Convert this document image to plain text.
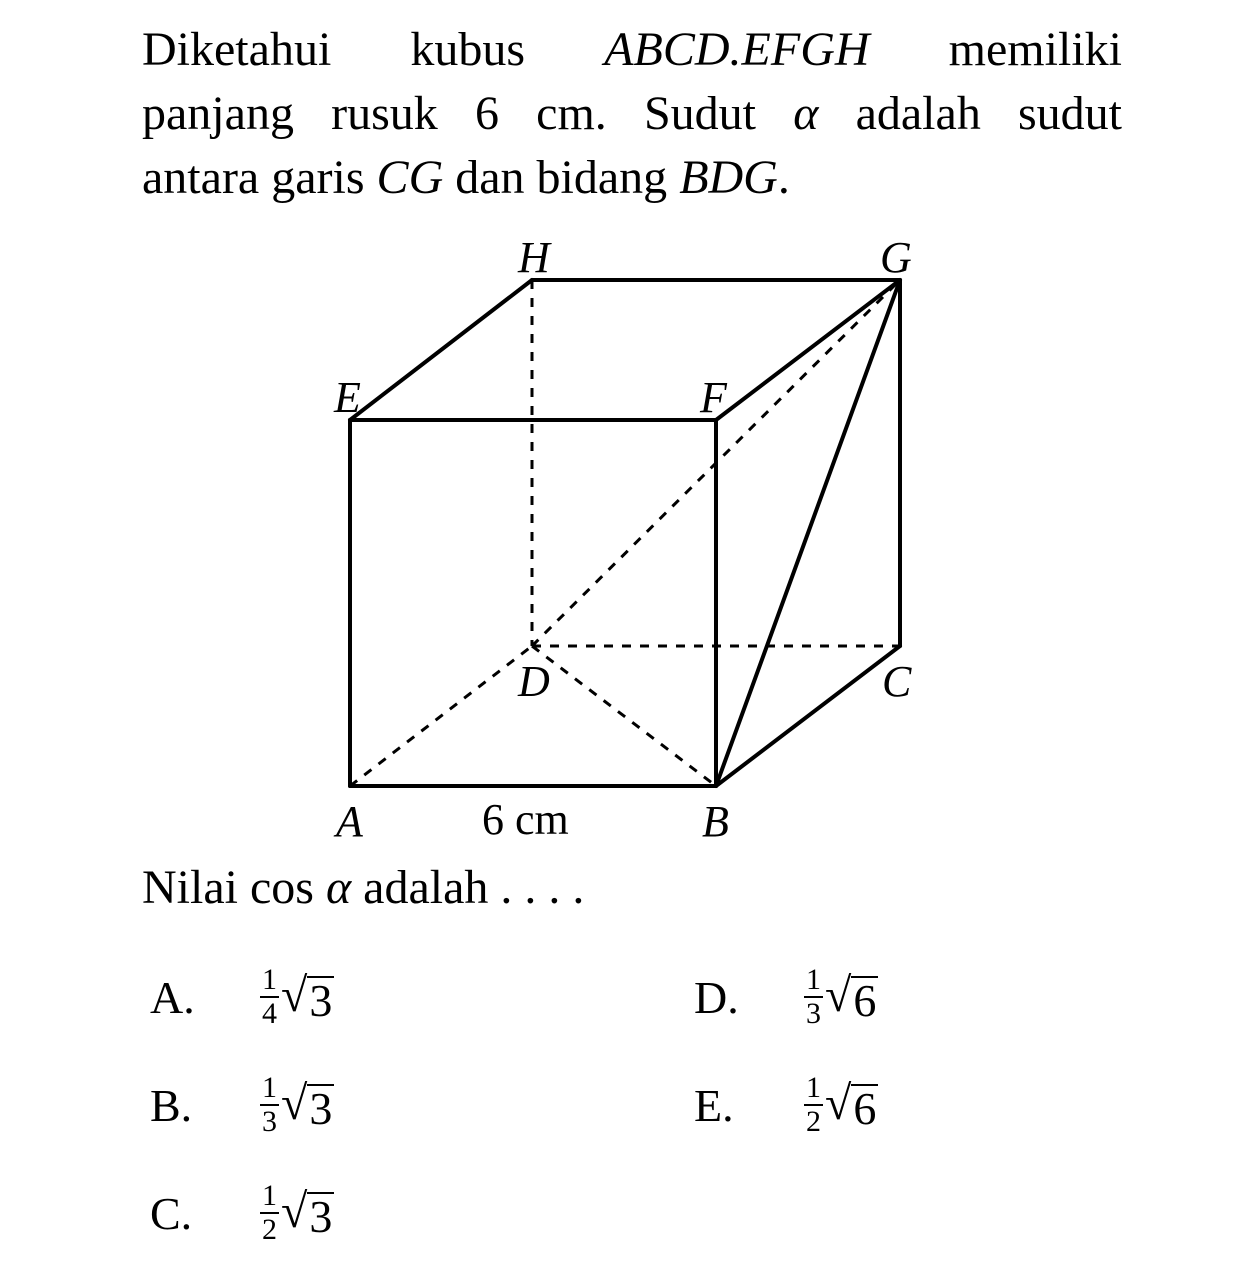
Diketahui kubus ABCD.EFGH memiliki

panjang rusuk 6 cm. Sudut α adalah sudut

antara garis CG dan bidang BDG.

H	G
E	F
D	C
A	B
6 cm
Nilai cos α adalah . . . .
A.	$\frac{1}{4}$ √ 3
B.	$\frac{1}{3}$ √ 3
C.	$\frac{1}{2}$ √ 3
D.	$\frac{1}{3}$ √ 6
E.	$\frac{1}{2}$ √ 6
